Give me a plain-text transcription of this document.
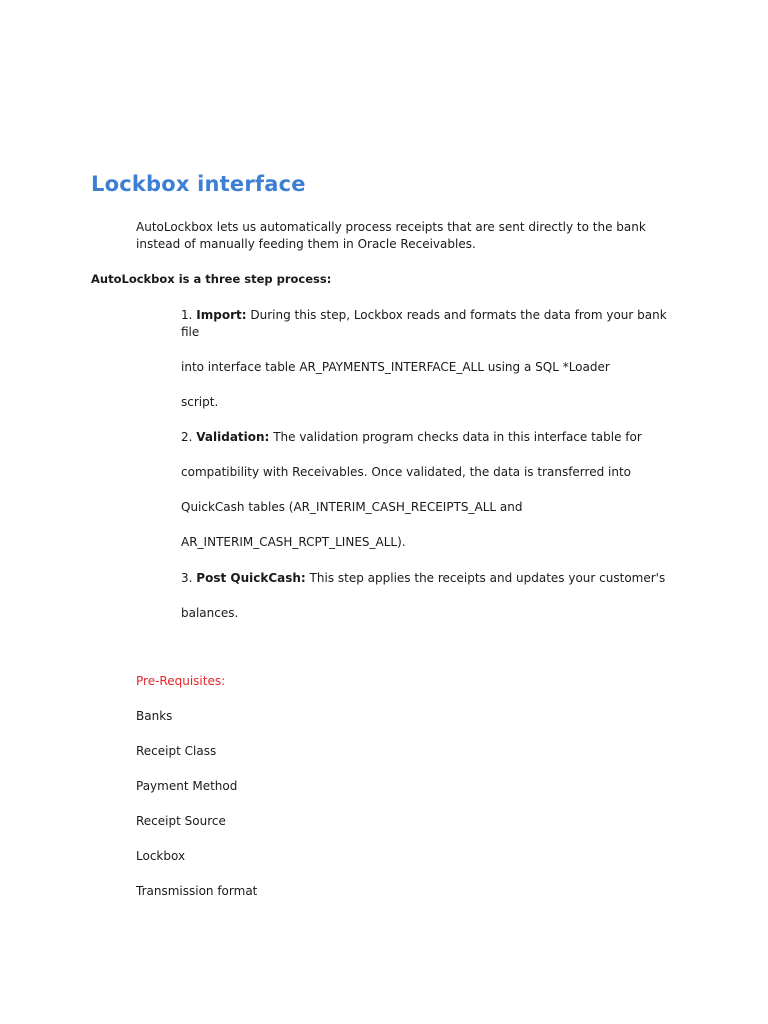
Lockbox interface
AutoLockbox lets us automatically process receipts that are sent directly to the bank
instead of manually feeding them in Oracle Receivables.
AutoLockbox is a three step process:
1. Import: During this step, Lockbox reads and formats the data from your bank
file
into interface table AR_PAYMENTS_INTERFACE_ALL using a SQL *Loader
script.
2. Validation: The validation program checks data in this interface table for
compatibility with Receivables. Once validated, the data is transferred into
QuickCash tables (AR_INTERIM_CASH_RECEIPTS_ALL and
AR_INTERIM_CASH_RCPT_LINES_ALL).
3. Post QuickCash: This step applies the receipts and updates your customer's
balances.
Pre-Requisites:
Banks
Receipt Class
Payment Method
Receipt Source
Lockbox
Transmission format
